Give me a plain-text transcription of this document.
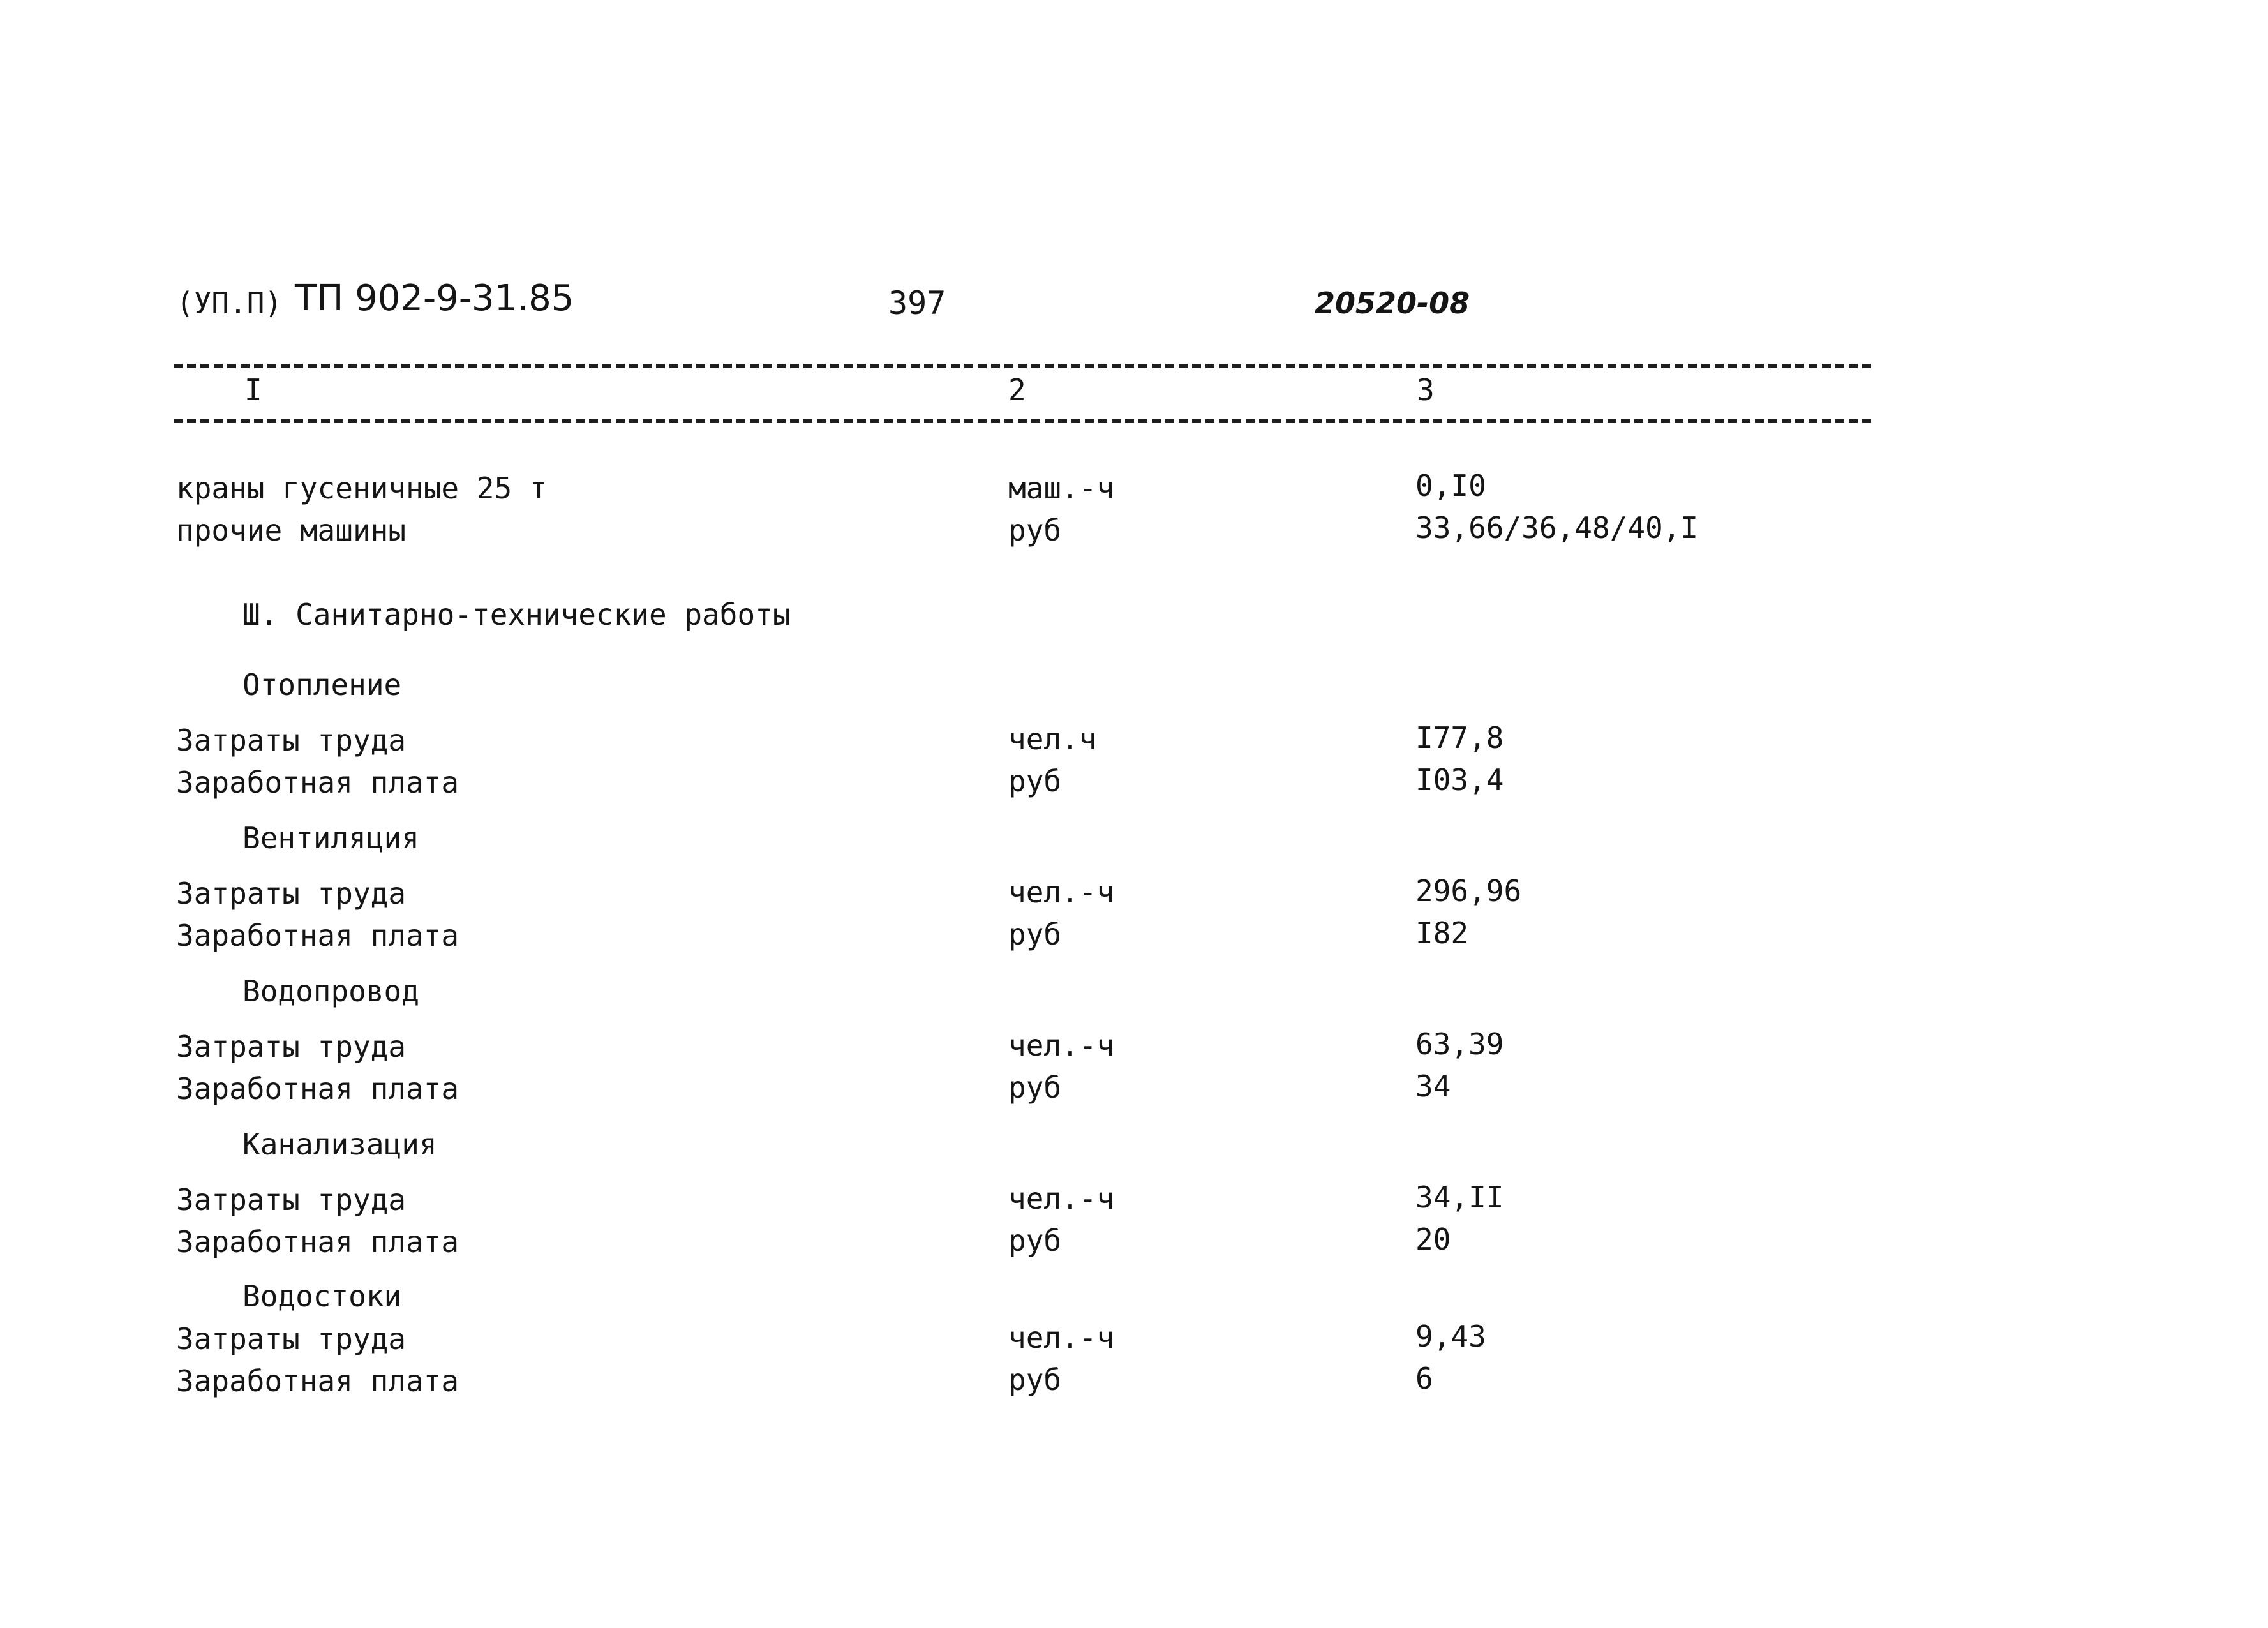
(УП.П) ТП 902-9-31.85	397	20520-08
I	2	3
краны гусеничные 25 т	маш.-ч	0,I0
прочие машины	руб	33,66/36,48/40,I
Ш. Санитарно-технические работы
Отопление
Затраты труда	чел.ч	I77,8
Заработная плата	руб	I03,4
Вентиляция
Затраты труда	чел.-ч	296,96
Заработная плата	руб	I82
Водопровод
Затраты труда	чел.-ч	63,39
Заработная плата	руб	34
Канализация
Затраты труда	чел.-ч	34,II
Заработная плата	руб	20
Водостоки
Затраты труда	чел.-ч	9,43
Заработная плата	руб	6
